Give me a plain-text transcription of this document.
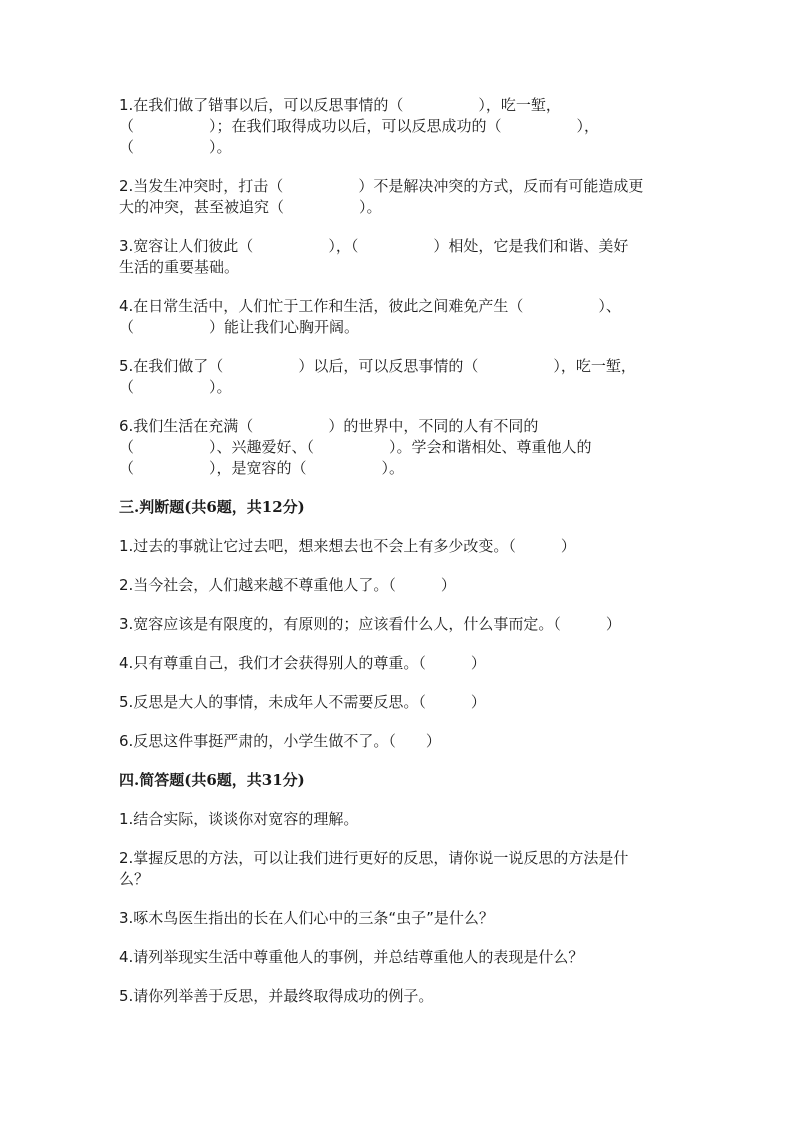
1.在我们做了错事以后，可以反思事情的（　　　　　），吃一堑，
（　　　　　）；在我们取得成功以后，可以反思成功的（　　　　　），
（　　　　　）。

2.当发生冲突时，打击（　　　　　）不是解决冲突的方式，反而有可能造成更
大的冲突，甚至被追究（　　　　　）。

3.宽容让人们彼此（　　　　　），（　　　　　）相处，它是我们和谐、美好
生活的重要基础。

4.在日常生活中，人们忙于工作和生活，彼此之间难免产生（　　　　　）、
（　　　　　）能让我们心胸开阔。

5.在我们做了（　　　　　）以后，可以反思事情的（　　　　　），吃一堑，
（　　　　　）。

6.我们生活在充满（　　　　　）的世界中，不同的人有不同的
（　　　　　）、兴趣爱好、（　　　　　）。学会和谐相处、尊重他人的
（　　　　　），是宽容的（　　　　　）。

三.判断题(共6题，共12分)

1.过去的事就让它过去吧，想来想去也不会上有多少改变。（　　　）

2.当今社会，人们越来越不尊重他人了。（　　　）

3.宽容应该是有限度的，有原则的；应该看什么人，什么事而定。（　　　）

4.只有尊重自己，我们才会获得别人的尊重。（　　　）

5.反思是大人的事情，未成年人不需要反思。（　　　）

6.反思这件事挺严肃的，小学生做不了。（　　）

四.简答题(共6题，共31分)

1.结合实际，谈谈你对宽容的理解。

2.掌握反思的方法，可以让我们进行更好的反思，请你说一说反思的方法是什
么？

3.啄木鸟医生指出的长在人们心中的三条“虫子”是什么？

4.请列举现实生活中尊重他人的事例，并总结尊重他人的表现是什么？

5.请你列举善于反思，并最终取得成功的例子。
